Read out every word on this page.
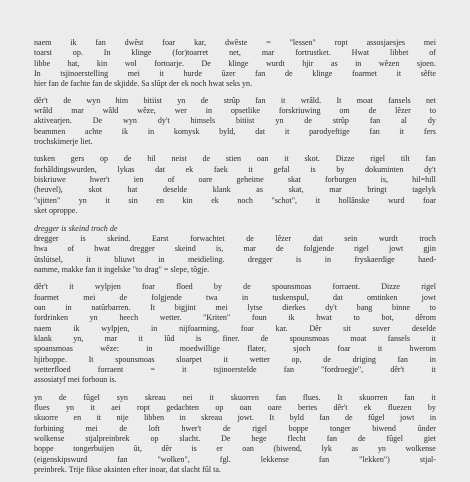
naem ik fan dwêst foar kar, dwêste = "lessen" ropt assosjaesjes mei
toarst	op.	In	klinge	(for)toarret	net,	mar	fortrustket.	Hwat	libbet	of
libbe hat, kin wol fortoarje. De klinge wurdt hjir as in wêzen sjoen.
In tsjinoerstelling mei it hurde ûzer fan de klinge foarmet it sêfte
hier fan de fachte fan de skjidde. Sa slûpt der ek noch hwat seks yn.
dêr't de wyn him bitiist yn de strûp fan it wrâld. It moat fansels net
wrâld mar wâld wêze, wer in opsetlike forskriuwing om de lêzer to
aktivearjen.	De	wyn	dy't	himsels	bitiist	yn	de	strûp	fan	al	dy
beammen achte ik in komysk byld, dat it parodyeftige fan it fers
trochskimerje liet.
tusken gers op de hil neist de stien oan it skot. Dizze rigel tilt fan
forhâldingswurden,	lykas	dat	ek	faek	it	gefal	is	by	dokuminten	dy't
biskriuwe	hwer't	ien	of	oare	geheime	skat	forburgen	is,	hil=hill
(heuvel),	skot	hat	deselde	klank	as	skat,	mar	bringt	tagelyk
"sjitten" yn it sin en kin ek noch "schot", it hollânske wurd foar
sket oproppe.
dregger is skeind troch de
dregger	is	skeind.	Earst	forwachtet	de	lêzer	dat	sein	wurdt	troch
hwa of hwat dregger skeind is, mar de folgjende rigel jowt gjin
ûtslútsel,	it	bliuwt	in	meidieling.	dregger	is	in	fryskaerdige	haed-
namme, makke fan it ingelske "to drag" = slepe, tôgje.
dêr't	it	wylpjen	foar	floed	by	de	spounsmoas	forraent.	Dizze	rigel
foarmet	mei	de	folgjende	twa	in	tuskenspul,	dat	omtinken	jowt
oan in natûrbarren. It bigjint mei lytse dierkes dy't bang binne to
fordrinken	yn	heech	wetter.	"Kriten"	foun	ik	hwat	to	bot,	dêrom
naem	ik	wylpjen,	in	nijfoarming,	foar	kar.	Dêr	sit	suver	deselde
klank	yn,	mar	it	lûd	is	finer.	de	spounsmoas	moat	fansels	it
spoansmoas	wêze:	in	moedwillige	flater,	sjoch	foar	it	hwerom
hjirboppe.	It	spounsmoas	sloarpet	it	wetter	op,	de	driging	fan	in
wetterfloed	forraent	=	it	tsjinoerstelde	fan	"fordroegje",	dêr't	it
assosiatyf mei forboun is.
yn de fûgel syn skreau nei it skuorren fan flues. It skuorren fan it
flues yn it aei ropt gedachten op oan oare bertes dêr't ek fluezen by
skuorre en it nije libben in skreau jowt. It byld fan de fûgel jowt in
forbining	mei	de	loft	hwer't	de	rigel	boppe	tonger	biwend	ûnder
wolkense	stjalpreinbrek	op	slacht.	De	hege	flecht	fan	de	fûgel	giet
boppe tongerbuijen ût, dêr is er oan (biwend, lyk as yn wolkense
(eigenskipswurd	fan	"wolken",	fgl.	lekkense	fan	"lekken")	stjal-
preinbrek. Trije fikse aksinten efter inoar, dat slacht fûl ta.
